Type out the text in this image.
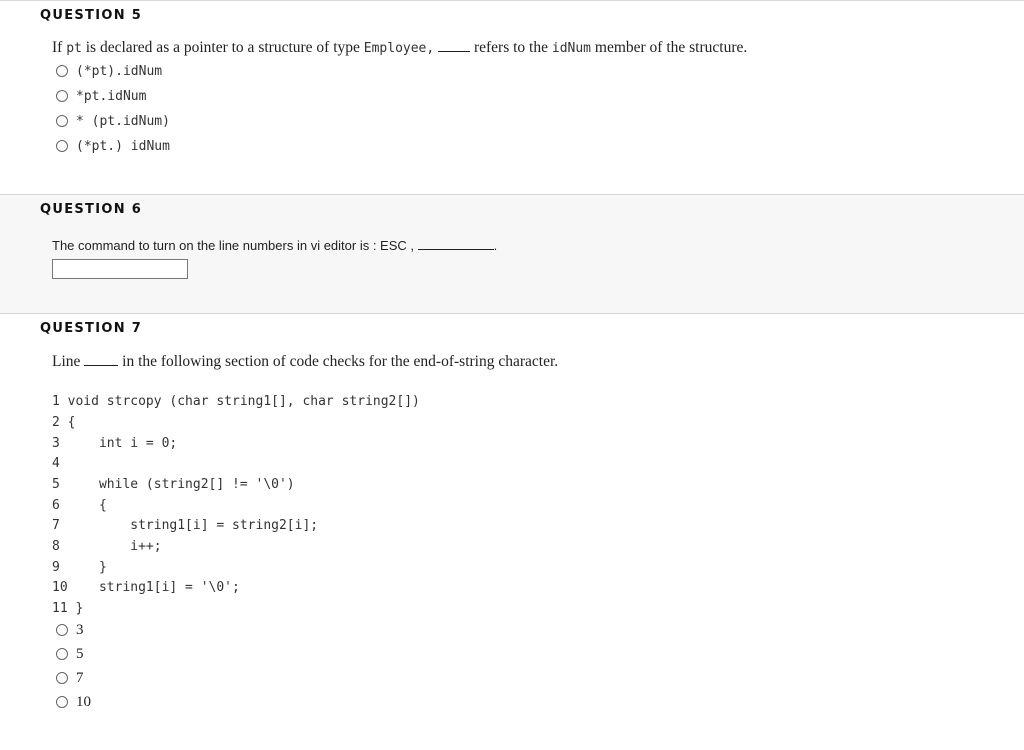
QUESTION 5
If pt is declared as a pointer to a structure of type Employee,  refers to the idNum member of the structure.
(*pt).idNum
*pt.idNum
* (pt.idNum)
(*pt.) idNum
QUESTION 6
The command to turn on the line numbers in vi editor is : ESC ,	.
QUESTION 7
Line  in the following section of code checks for the end-of-string character.
1 void strcopy (char string1[], char string2[])
2 {
3     int i = 0;
4
5     while (string2[] != '\0')
6     {
7         string1[i] = string2[i];
8         i++;
9     }
10    string1[i] = '\0';
11 }
3
5
7
10
